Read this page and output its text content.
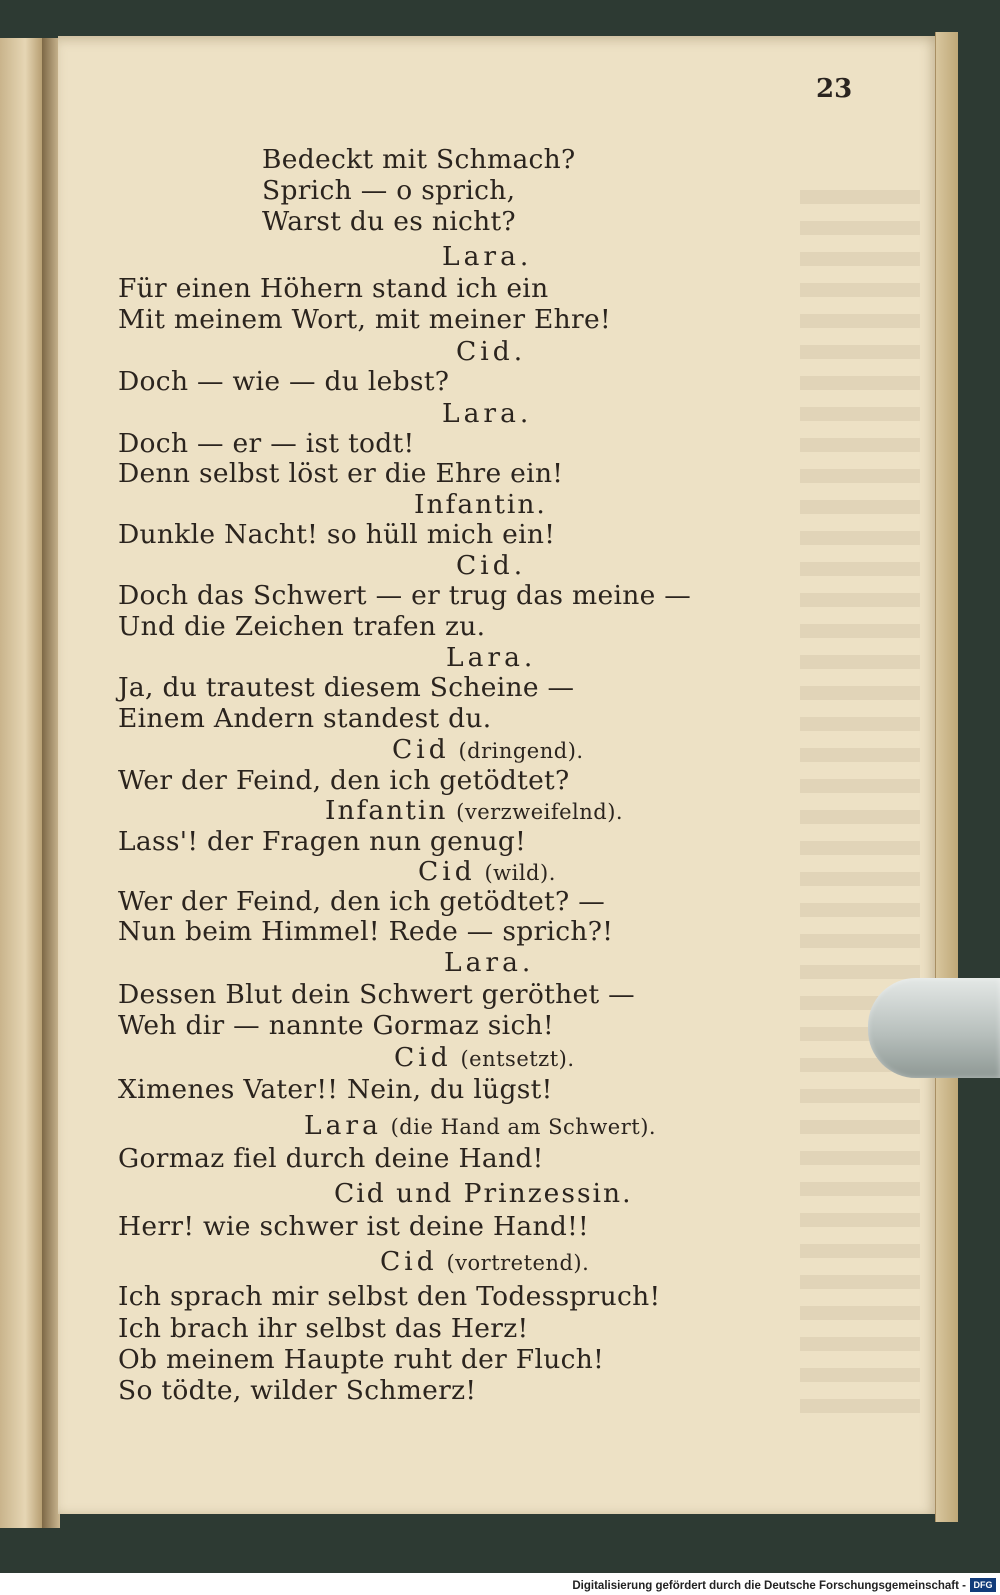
23
Bedeckt mit Schmach?
Sprich — o sprich,
Warst du es nicht?
Lara.
Für einen Höhern stand ich ein
Mit meinem Wort, mit meiner Ehre!
Cid.
Doch — wie — du lebst?
Lara.
Doch — er — ist todt!
Denn selbst löst er die Ehre ein!
Infantin.
Dunkle Nacht! so hüll mich ein!
Cid.
Doch das Schwert — er trug das meine —
Und die Zeichen trafen zu.
Lara.
Ja, du trautest diesem Scheine —
Einem Andern standest du.
Cid (dringend).
Wer der Feind, den ich getödtet?
Infantin (verzweifelnd).
Lass'! der Fragen nun genug!
Cid (wild).
Wer der Feind, den ich getödtet? —
Nun beim Himmel! Rede — sprich?!
Lara.
Dessen Blut dein Schwert geröthet —
Weh dir — nannte Gormaz sich!
Cid (entsetzt).
Ximenes Vater!! Nein, du lügst!
Lara (die Hand am Schwert).
Gormaz fiel durch deine Hand!
Cid und Prinzessin.
Herr! wie schwer ist deine Hand!!
Cid (vortretend).
Ich sprach mir selbst den Todesspruch!
Ich brach ihr selbst das Herz!
Ob meinem Haupte ruht der Fluch!
So tödte, wilder Schmerz!
Digitalisierung gefördert durch die Deutsche Forschungsgemeinschaft - DFG
